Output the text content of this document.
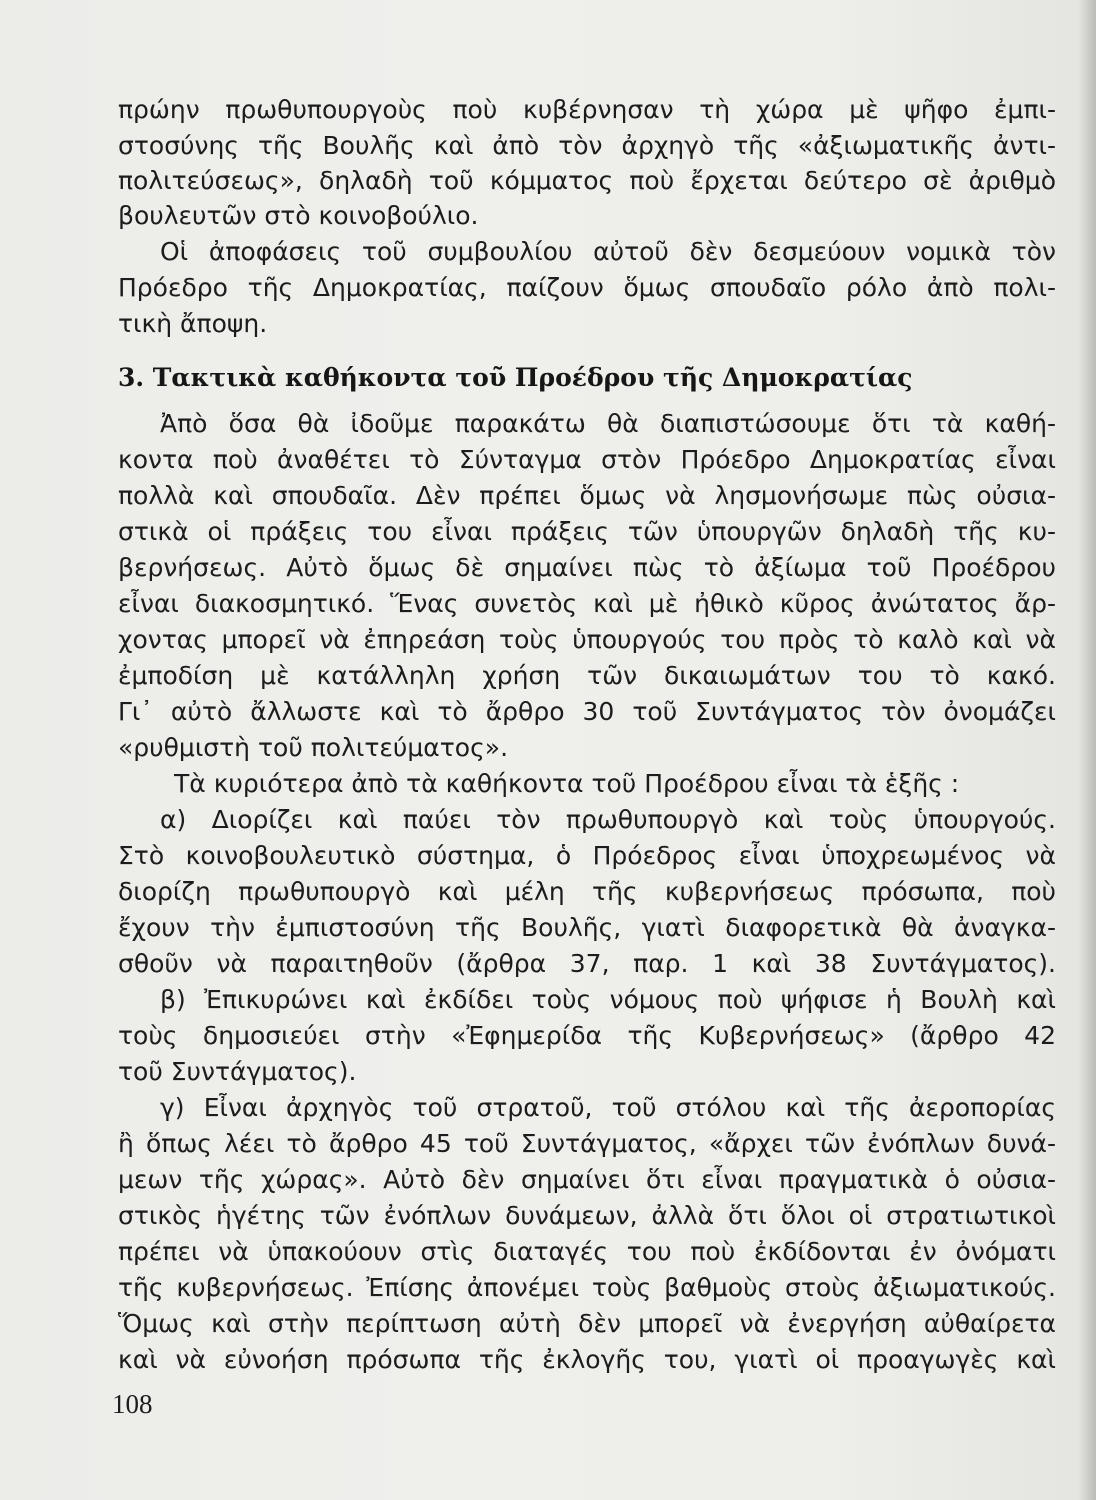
πρώην πρωθυπουργοὺς ποὺ κυβέρνησαν τὴ χώρα μὲ ψῆφο ἐμπι-
στοσύνης τῆς Βουλῆς καὶ ἀπὸ τὸν ἀρχηγὸ τῆς «ἀξιωματικῆς ἀντι-
πολιτεύσεως», δηλαδὴ τοῦ κόμματος ποὺ ἔρχεται δεύτερο σὲ ἀριθμὸ
βουλευτῶν στὸ κοινοβούλιο.
Οἱ ἀποφάσεις τοῦ συμβουλίου αὐτοῦ δὲν δεσμεύουν νομικὰ τὸν
Πρόεδρο τῆς Δημοκρατίας, παίζουν ὅμως σπουδαῖο ρόλο ἀπὸ πολι-
τικὴ ἄποψη.
3. Τακτικὰ καθήκοντα τοῦ Προέδρου τῆς Δημοκρατίας
Ἀπὸ ὅσα θὰ ἰδοῦμε παρακάτω θὰ διαπιστώσουμε ὅτι τὰ καθή-
κοντα ποὺ ἀναθέτει τὸ Σύνταγμα στὸν Πρόεδρο Δημοκρατίας εἶναι
πολλὰ καὶ σπουδαῖα. Δὲν πρέπει ὅμως νὰ λησμονήσωμε πὼς οὐσια-
στικὰ οἱ πράξεις του εἶναι πράξεις τῶν ὑπουργῶν δηλαδὴ τῆς κυ-
βερνήσεως. Αὐτὸ ὅμως δὲ σημαίνει πὼς τὸ ἀξίωμα τοῦ Προέδρου
εἶναι διακοσμητικό. Ἕνας συνετὸς καὶ μὲ ἠθικὸ κῦρος ἀνώτατος ἄρ-
χοντας μπορεῖ νὰ ἐπηρεάση τοὺς ὑπουργούς του πρὸς τὸ καλὸ καὶ νὰ
ἐμποδίση μὲ κατάλληλη χρήση τῶν δικαιωμάτων του τὸ κακό.
Γι᾿ αὐτὸ ἄλλωστε καὶ τὸ ἄρθρο 30 τοῦ Συντάγματος τὸν ὀνομάζει
«ρυθμιστὴ τοῦ πολιτεύματος».
Τὰ κυριότερα ἀπὸ τὰ καθήκοντα τοῦ Προέδρου εἶναι τὰ ἑξῆς :
α) Διορίζει καὶ παύει τὸν πρωθυπουργὸ καὶ τοὺς ὑπουργούς.
Στὸ κοινοβουλευτικὸ σύστημα, ὁ Πρόεδρος εἶναι ὑποχρεωμένος νὰ
διορίζη πρωθυπουργὸ καὶ μέλη τῆς κυβερνήσεως πρόσωπα, ποὺ
ἔχουν τὴν ἐμπιστοσύνη τῆς Βουλῆς, γιατὶ διαφορετικὰ θὰ ἀναγκα-
σθοῦν νὰ παραιτηθοῦν (ἄρθρα 37, παρ. 1 καὶ 38 Συντάγματος).
β) Ἐπικυρώνει καὶ ἐκδίδει τοὺς νόμους ποὺ ψήφισε ἡ Βουλὴ καὶ
τοὺς δημοσιεύει στὴν «Ἐφημερίδα τῆς Κυβερνήσεως» (ἄρθρο 42
τοῦ Συντάγματος).
γ) Εἶναι ἀρχηγὸς τοῦ στρατοῦ, τοῦ στόλου καὶ τῆς ἀεροπορίας
ἢ ὅπως λέει τὸ ἄρθρο 45 τοῦ Συντάγματος, «ἄρχει τῶν ἐνόπλων δυνά-
μεων τῆς χώρας». Αὐτὸ δὲν σημαίνει ὅτι εἶναι πραγματικὰ ὁ οὐσια-
στικὸς ἡγέτης τῶν ἐνόπλων δυνάμεων, ἀλλὰ ὅτι ὅλοι οἱ στρατιωτικοὶ
πρέπει νὰ ὑπακούουν στὶς διαταγές του ποὺ ἐκδίδονται ἐν ὀνόματι
τῆς κυβερνήσεως. Ἐπίσης ἀπονέμει τοὺς βαθμοὺς στοὺς ἀξιωματικούς.
Ὅμως καὶ στὴν περίπτωση αὐτὴ δὲν μπορεῖ νὰ ἐνεργήση αὐθαίρετα
καὶ νὰ εὐνοήση πρόσωπα τῆς ἐκλογῆς του, γιατὶ οἱ προαγωγὲς καὶ
108
